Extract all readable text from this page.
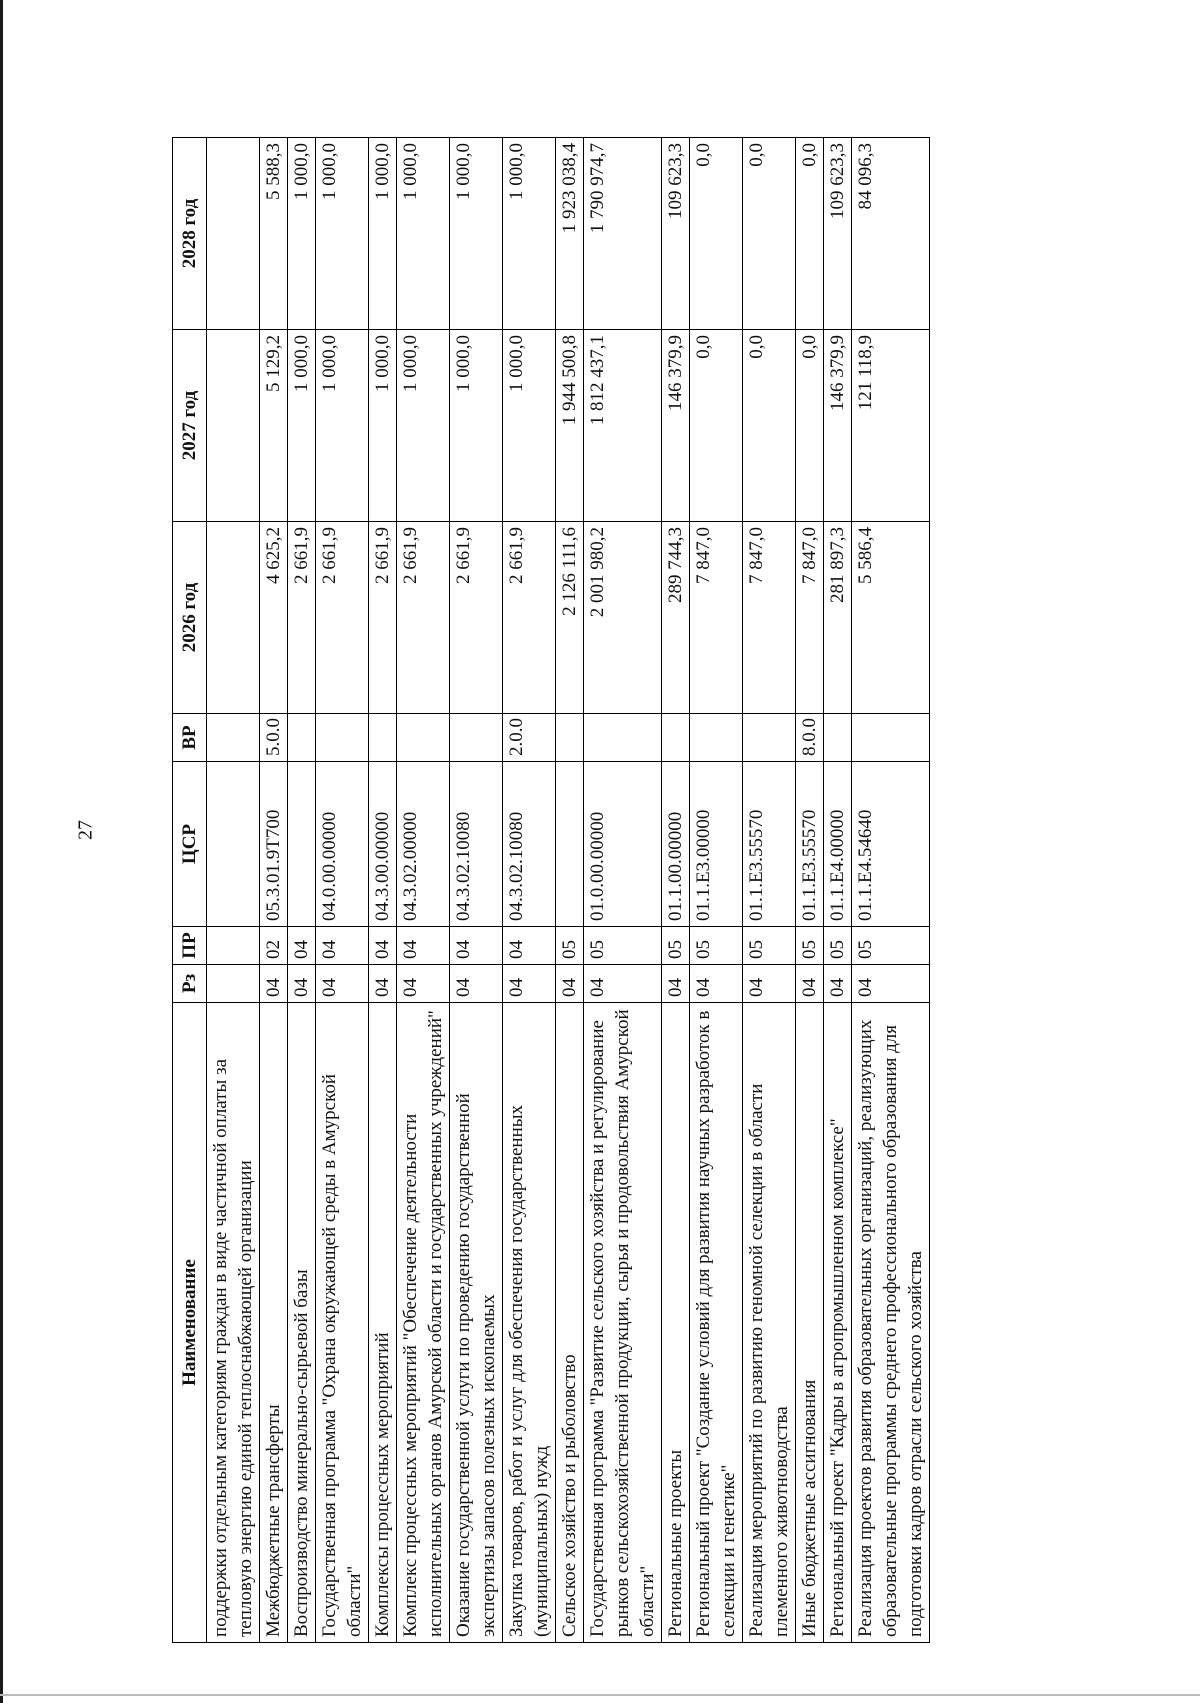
27
Наименование	Рз	ПР	ЦСР	ВР	2026 год	2027 год	2028 год
поддержки отдельным категориям граждан в виде частичной оплаты за тепловую энергию единой теплоснабжающей организации							
Межбюджетные трансферты	04	02	05.3.01.9Т700	5.0.0	4 625,2	5 129,2	5 588,3
Воспроизводство минерально-сырьевой базы	04	04			2 661,9	1 000,0	1 000,0
Государственная программа "Охрана окружающей среды в Амурской области"	04	04	04.0.00.00000		2 661,9	1 000,0	1 000,0
Комплексы процессных мероприятий	04	04	04.3.00.00000		2 661,9	1 000,0	1 000,0
Комплекс процессных мероприятий "Обеспечение деятельности исполнительных органов Амурской области и государственных учреждений"	04	04	04.3.02.00000		2 661,9	1 000,0	1 000,0
Оказание государственной услуги по проведению государственной экспертизы запасов полезных ископаемых	04	04	04.3.02.10080		2 661,9	1 000,0	1 000,0
Закупка товаров, работ и услуг для обеспечения государственных (муниципальных) нужд	04	04	04.3.02.10080	2.0.0	2 661,9	1 000,0	1 000,0
Сельское хозяйство и рыболовство	04	05			2 126 111,6	1 944 500,8	1 923 038,4
Государственная программа "Развитие сельского хозяйства и регулирование рынков сельскохозяйственной продукции, сырья и продовольствия Амурской области"	04	05	01.0.00.00000		2 001 980,2	1 812 437,1	1 790 974,7
Региональные проекты	04	05	01.1.00.00000		289 744,3	146 379,9	109 623,3
Региональный проект "Создание условий для развития научных разработок в селекции и генетике"	04	05	01.1.Е3.00000		7 847,0	0,0	0,0
Реализация мероприятий по развитию геномной селекции в области племенного животноводства	04	05	01.1.Е3.55570		7 847,0	0,0	0,0
Иные бюджетные ассигнования	04	05	01.1.Е3.55570	8.0.0	7 847,0	0,0	0,0
Региональный проект "Кадры в агропромышленном комплексе"	04	05	01.1.Е4.00000		281 897,3	146 379,9	109 623,3
Реализация проектов развития образовательных организаций, реализующих образовательные программы среднего профессионального образования для подготовки кадров отрасли сельского хозяйства	04	05	01.1.Е4.54640		5 586,4	121 118,9	84 096,3
